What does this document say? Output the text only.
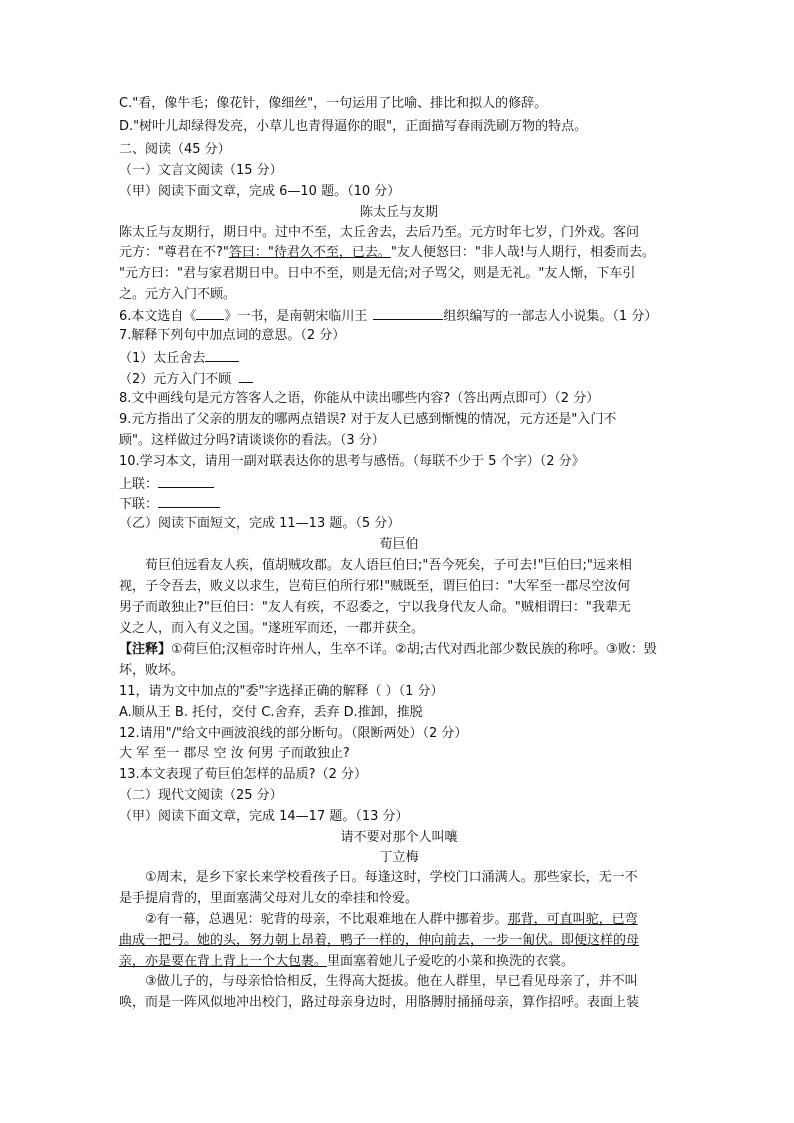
C."看，像牛毛；像花针，像细丝"，一句运用了比喻、排比和拟人的修辞。
D."树叶儿却绿得发亮，小草儿也青得逼你的眼"，正面描写春雨洗刷万物的特点。
二、阅读（45 分）
（一）文言文阅读（15 分）
（甲）阅读下面文章，完成 6—10 题。（10 分）
陈太丘与友期
陈太丘与友期行，期日中。过中不至，太丘舍去，去后乃至。元方时年七岁，门外戏。客问
元方："尊君在不?"答曰："待君久不至，已去。"友人便怒曰："非人哉!与人期行，相委而去。
"元方曰："君与家君期日中。日中不至，则是无信;对子骂父，则是无礼。"友人惭，下车引
之。元方入门不顾。
6.本文选自《 》一书，是南朝宋临川王	组织编写的一部志人小说集。（1 分）
7.解释下列句中加点词的意思。（2 分）
（1）太丘舍去
（2）元方入门不顾
8.文中画线句是元方答客人之语，你能从中读出哪些内容?（答出两点即可）（2 分）
9.元方指出了父亲的朋友的哪两点错误? 对于友人已感到惭愧的情况，元方还是"入门不
顾"。这样做过分吗?请谈谈你的看法。（3 分）
10.学习本文，请用一副对联表达你的思考与感悟。（每联不少于 5 个字）（2 分》
上联：
下联：
（乙）阅读下面短文，完成 11—13 题。（5 分）
荀巨伯
荀巨伯远看友人疾，值胡贼攻郡。友人语巨伯曰;"吾今死矣，子可去!"巨伯曰;"远来相
视，子令吾去，败义以求生，岂荀巨伯所行邪!"贼既至，谓巨伯曰："大军至一郡尽空汝何
男子而敢独止?"巨伯曰："友人有疾，不忍委之，宁以我身代友人命。"贼相谓曰："我辈无
义之人，而入有义之国。"遂班军而还，一郡并获全。
【注释】①荷巨伯;汉桓帝时许州人，生卒不详。②胡;古代对西北部少数民族的称呼。③败：毁
坏，败坏。
11，请为文中加点的"委"字选择正确的解释（ ）（1 分）
A.顺从王 B. 托付，交付 C.舍弃，丢弃 D.推卸，推脱
12.请用"/"给文中画波浪线的部分断句。（限断两处）（2 分）
大 军 至一 郡尽 空 汝 何男 子而敢独止?
13.本文表现了荀巨伯怎样的品质?（2 分）
（二）现代文阅读（25 分）
（甲）阅读下面文章，完成 14—17 题。（13 分）
请不要对那个人叫嚷
丁立梅
①周末，是乡下家长来学校看孩子日。每逢这时，学校门口涌满人。那些家长，无一不
是手提肩背的，里面塞满父母对儿女的牵挂和怜爱。
②有一幕，总遇见：驼背的母亲，不比艰难地在人群中挪着步。那背，可直叫驼，已弯
曲成一把弓。她的头，努力朝上昂着，鸭子一样的，伸向前去，一步一匍伏。即便这样的母
亲，亦是要在背上背上一个大包裹。里面塞着她儿子爱吃的小菜和换洗的衣裳。
③做儿子的，与母亲恰恰相反，生得高大挺拔。他在人群里，早已看见母亲了，并不叫
唤，而是一阵风似地冲出校门，路过母亲身边时，用胳膊肘捅捅母亲，算作招呼。表面上装
